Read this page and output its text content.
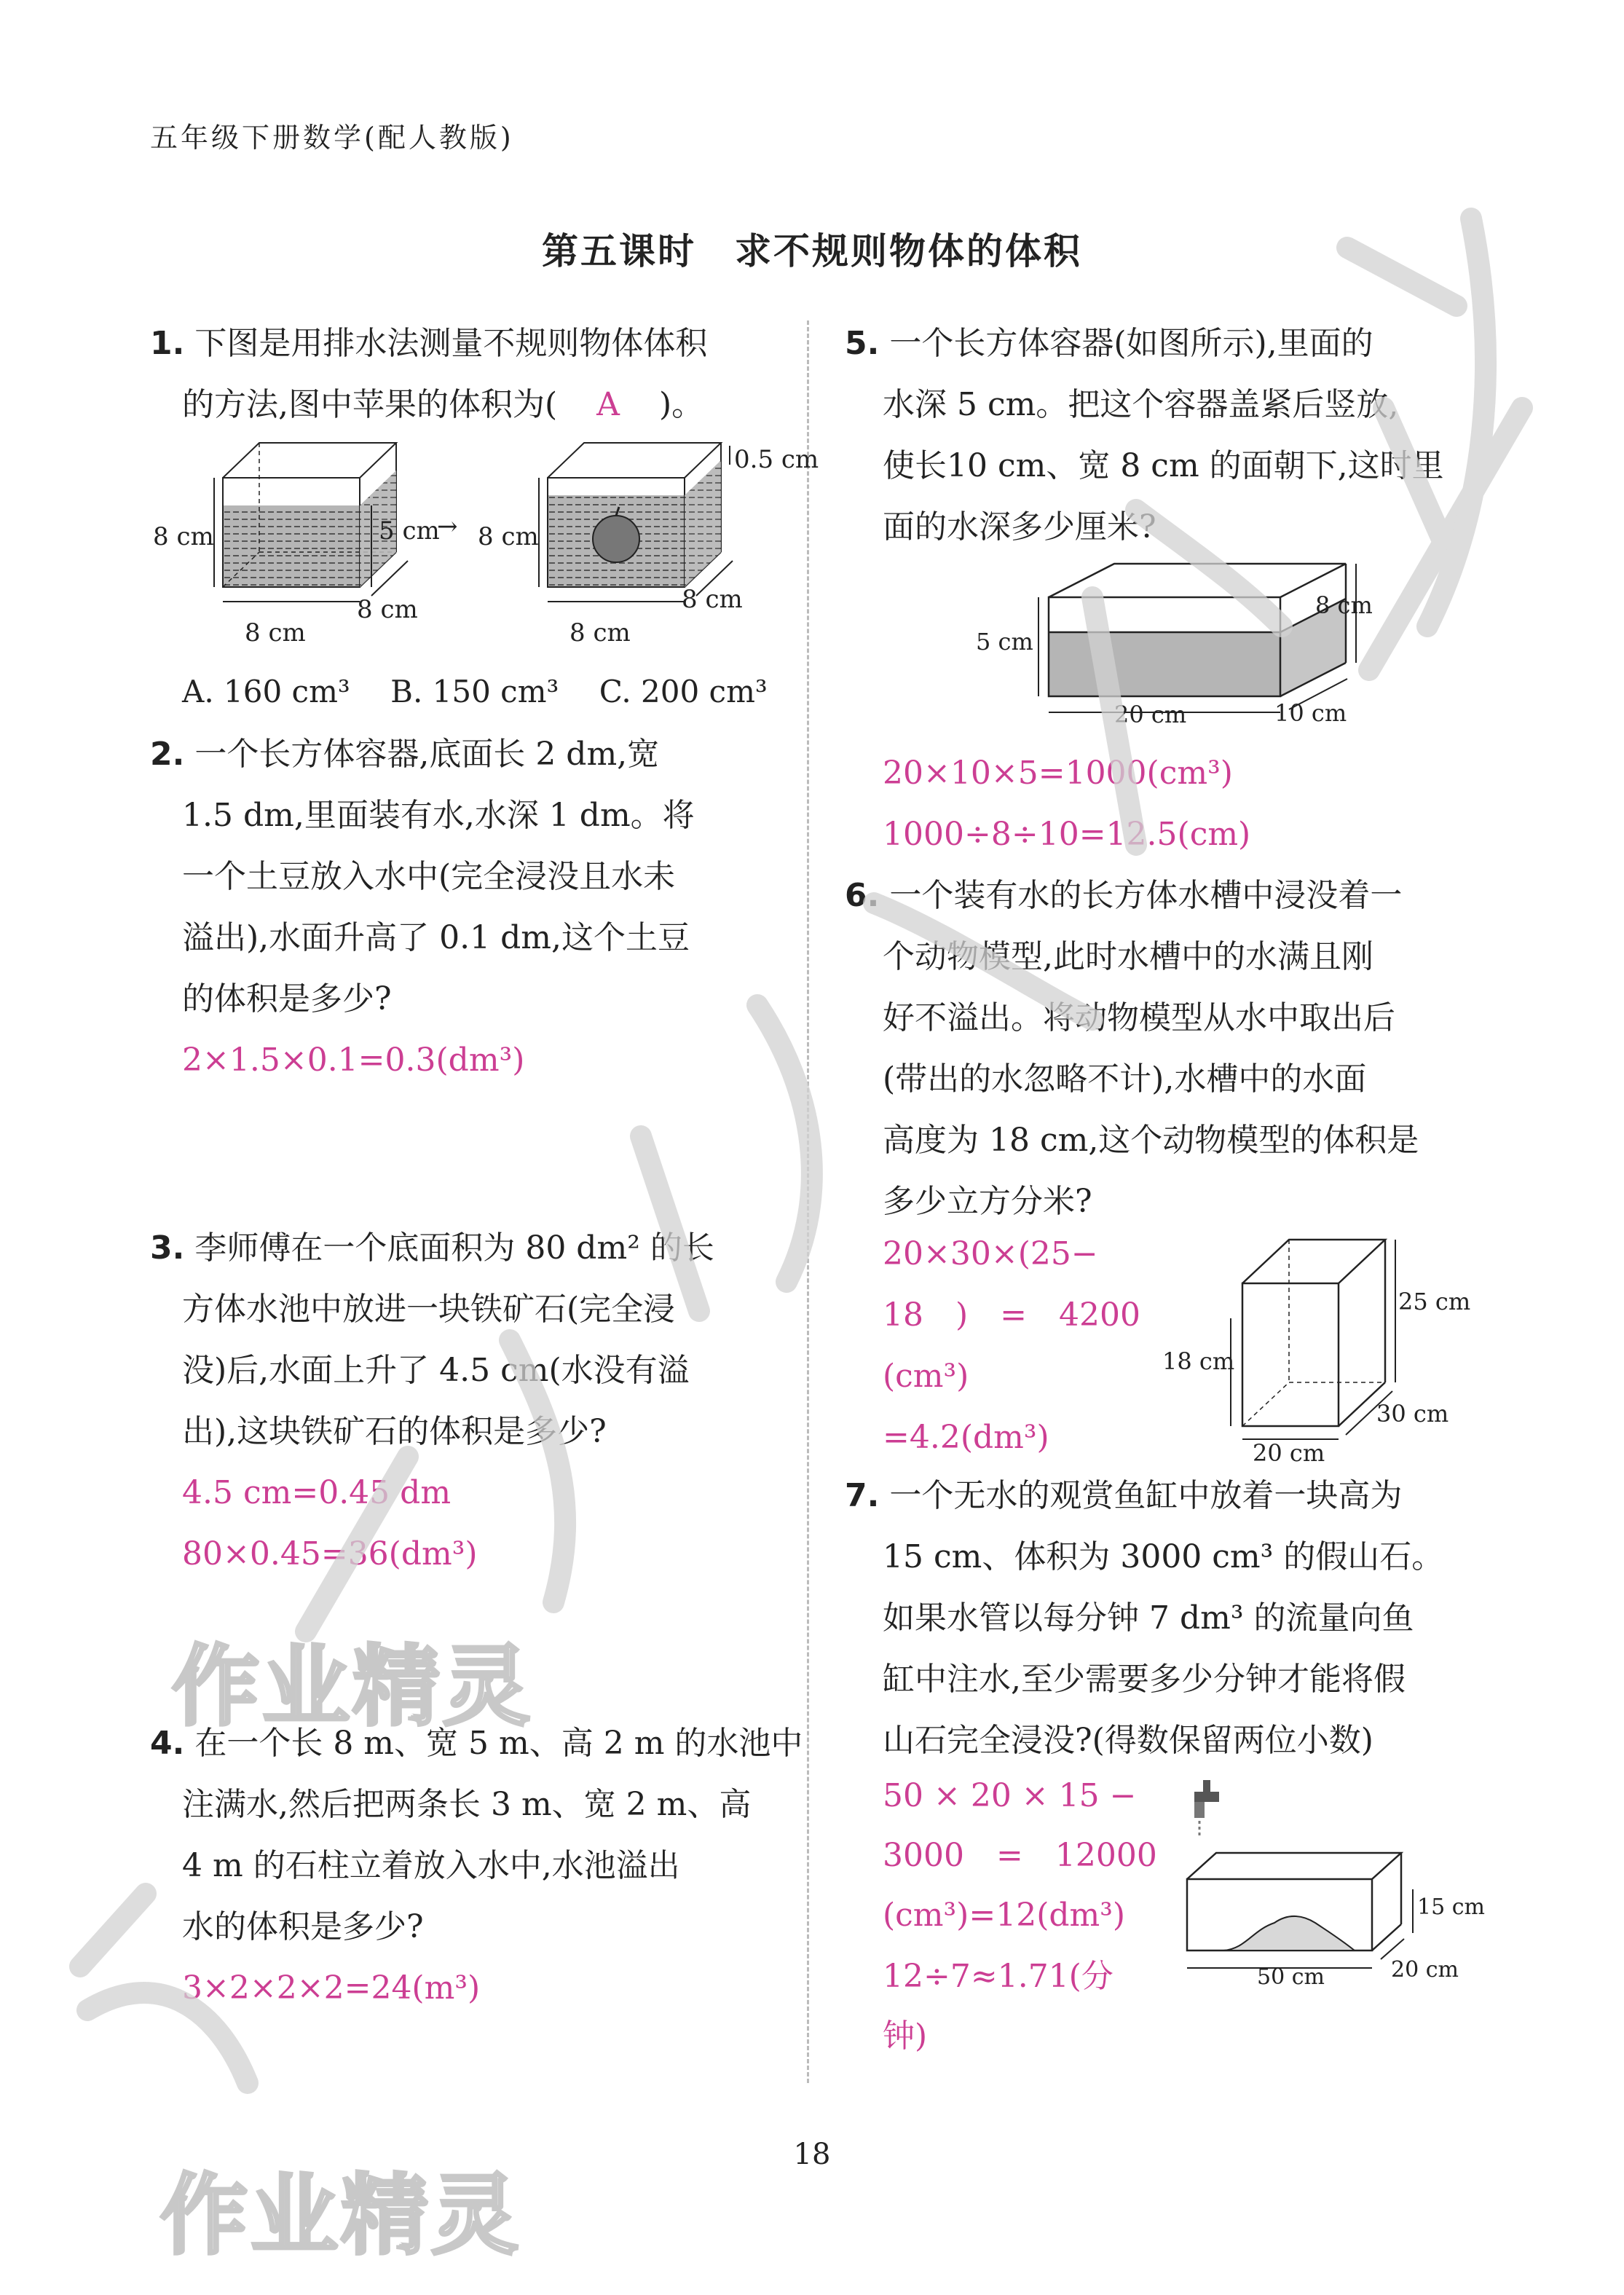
五年级下册数学(配人教版)
第五课时　求不规则物体的体积
1. 下图是用排水法测量不规则物体体积
的方法,图中苹果的体积为( A )。
8 cm	5 cm
→
8 cm
8 cm
0.5 cm
8 cm
8 cm
8 cm
A. 160 cm³　 B. 150 cm³　 C. 200 cm³
2. 一个长方体容器,底面长 2 dm,宽
1.5 dm,里面装有水,水深 1 dm。将
一个土豆放入水中(完全浸没且水未
溢出),水面升高了 0.1 dm,这个土豆
的体积是多少?
2×1.5×0.1=0.3(dm³)
3. 李师傅在一个底面积为 80 dm² 的长
方体水池中放进一块铁矿石(完全浸
没)后,水面上升了 4.5 cm(水没有溢
出),这块铁矿石的体积是多少?
4.5 cm=0.45 dm
80×0.45=36(dm³)
4. 在一个长 8 m、宽 5 m、高 2 m 的水池中
注满水,然后把两条长 3 m、宽 2 m、高
4 m 的石柱立着放入水中,水池溢出
水的体积是多少?
3×2×2×2=24(m³)
5. 一个长方体容器(如图所示),里面的
水深 5 cm。把这个容器盖紧后竖放,
使长10 cm、宽 8 cm 的面朝下,这时里
面的水深多少厘米?
5 cm
8 cm
20 cm	10 cm
20×10×5=1000(cm³)
1000÷8÷10=12.5(cm)
6. 一个装有水的长方体水槽中浸没着一
个动物模型,此时水槽中的水满且刚
好不溢出。将动物模型从水中取出后
(带出的水忽略不计),水槽中的水面
高度为 18 cm,这个动物模型的体积是
多少立方分米?
20×30×(25−
18　)　=　4200
(cm³)
=4.2(dm³)
25 cm
18 cm
30 cm
20 cm
7. 一个无水的观赏鱼缸中放着一块高为
15 cm、体积为 3000 cm³ 的假山石。
如果水管以每分钟 7 dm³ 的流量向鱼
缸中注水,至少需要多少分钟才能将假
山石完全浸没?(得数保留两位小数)
50 × 20 × 15 −
3000　=　12000
(cm³)=12(dm³)
12÷7≈1.71(分
钟)
15 cm
50 cm	20 cm
18
作业精灵
作业精灵
